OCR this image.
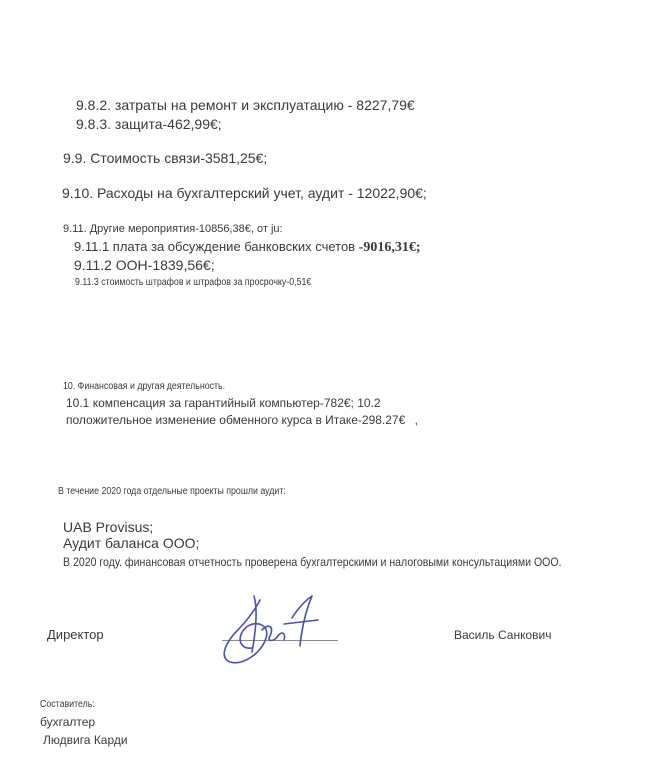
9.8.2. затраты на ремонт и эксплуатацию - 8227,79€
9.8.3. защита-462,99€;
9.9. Стоимость связи-3581,25€;
9.10. Расходы на бухгалтерский учет, аудит - 12022,90€;
9.11. Другие мероприятия-10856,38€, от ju:
9.11.1 плата за обсуждение банковских счетов -9016,31€;
9.11.2 ООН-1839,56€;
9.11.3 стоимость штрафов и штрафов за просрочку-0,51€
10. Финансовая и другая деятельность.
10.1 компенсация за гарантийный компьютер-782€; 10.2
положительное изменение обменного курса в Итаке-298.27€ ,
В течение 2020 года отдельные проекты прошли аудит:
UAB Provisus;
Аудит баланса ООО;
В 2020 году. финансовая отчетность проверена бухгалтерскими и налоговыми консультациями ООО.
Директор	Василь Санкович
Составитель:
бухгалтер
Людвига Карди
